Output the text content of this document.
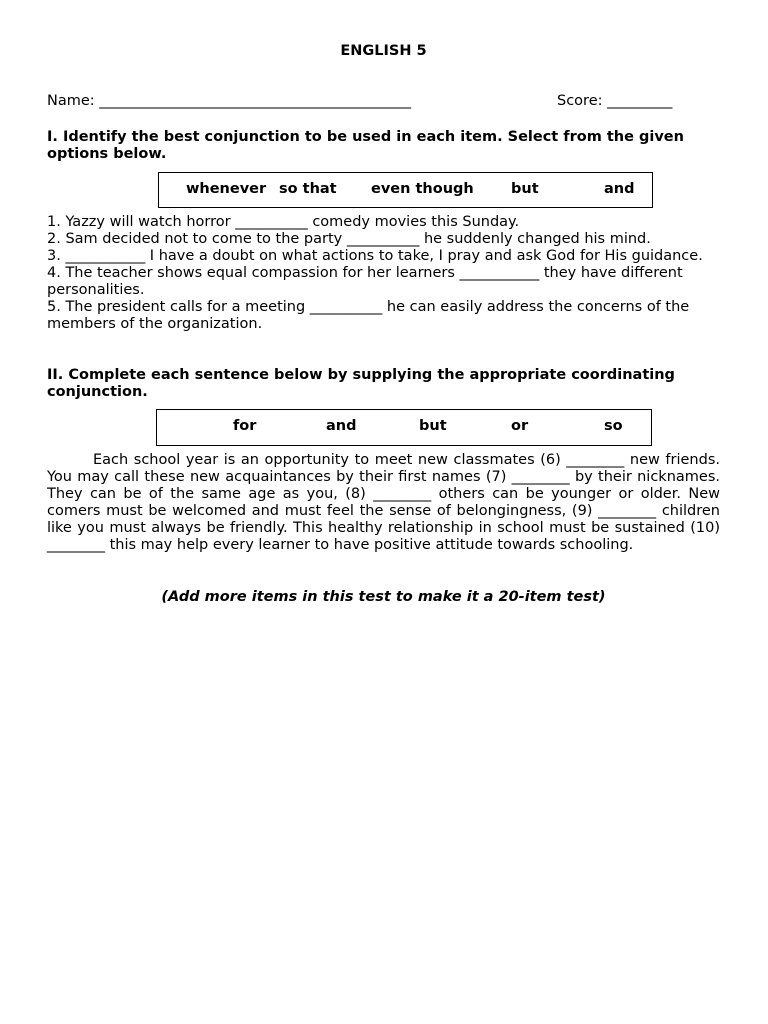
ENGLISH 5
Name: ___________________________________________	Score: _________
I. Identify the best conjunction to be used in each item. Select from the given options below.
whenever so that even though	but	and
1. Yazzy will watch horror __________ comedy movies this Sunday.
2. Sam decided not to come to the party __________ he suddenly changed his mind.
3. ___________ I have a doubt on what actions to take, I pray and ask God for His guidance.
4. The teacher shows equal compassion for her learners ___________ they have different personalities.
5. The president calls for a meeting __________ he can easily address the concerns of the members of the organization.
II. Complete each sentence below by supplying the appropriate coordinating conjunction.
for	and	but	or	so
Each school year is an opportunity to meet new classmates (6) ________ new friends. You may call these new acquaintances by their first names (7) ________ by their nicknames. They can be of the same age as you, (8) ________ others can be younger or older. New comers must be welcomed and must feel the sense of belongingness, (9) ________ children like you must always be friendly. This healthy relationship in school must be sustained (10) ________ this may help every learner to have positive attitude towards schooling.
(Add more items in this test to make it a 20-item test)
